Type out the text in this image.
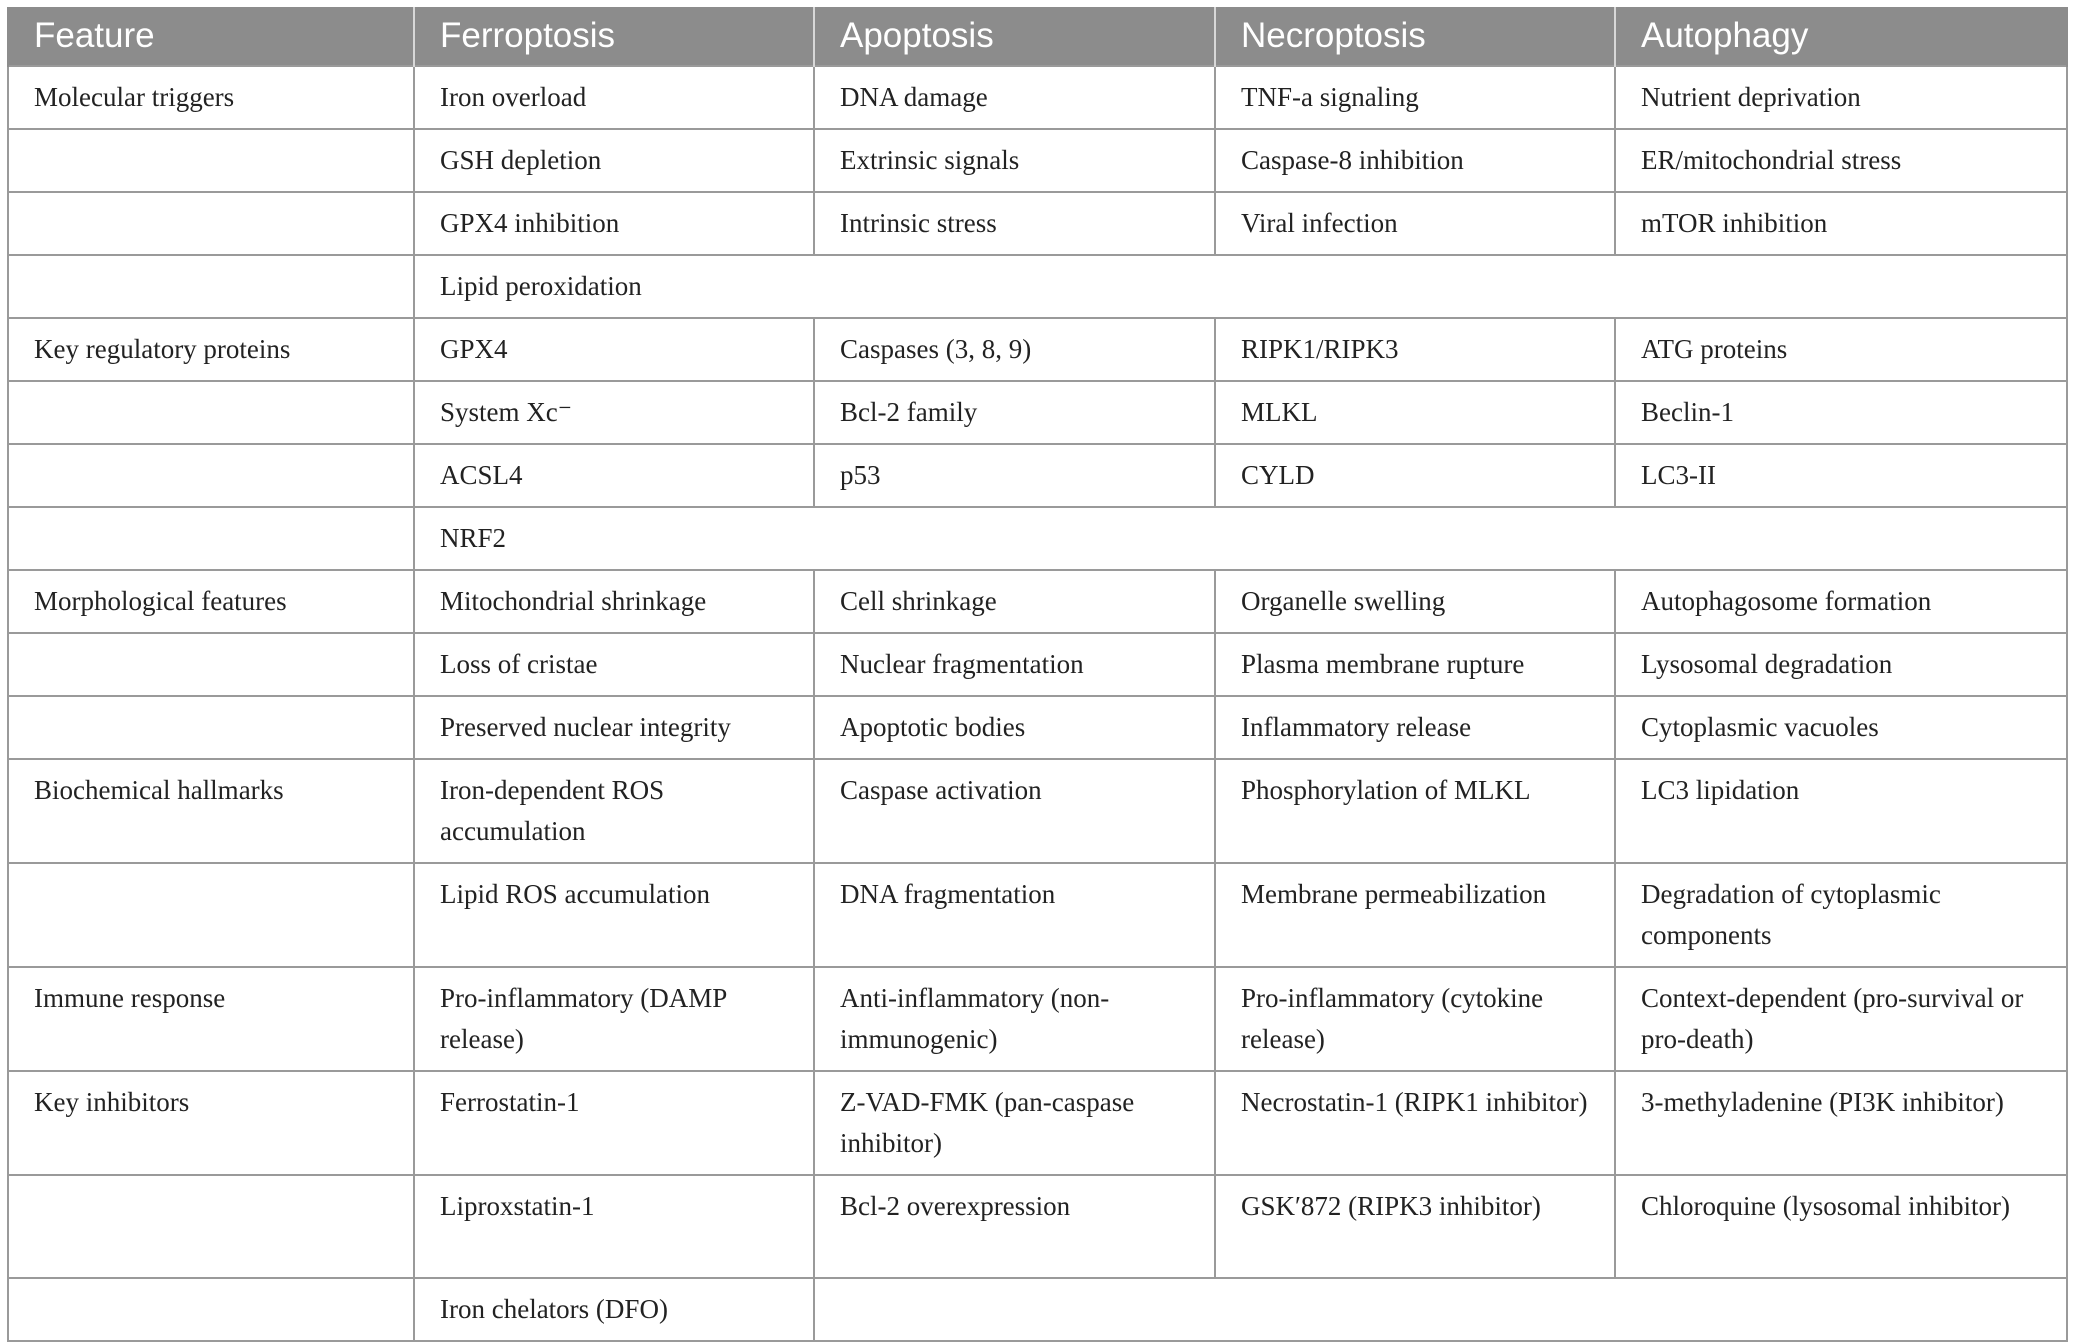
Feature	Ferroptosis	Apoptosis	Necroptosis	Autophagy
Molecular triggers	Iron overload	DNA damage	TNF-a signaling	Nutrient deprivation
	GSH depletion	Extrinsic signals	Caspase-8 inhibition	ER/mitochondrial stress
	GPX4 inhibition	Intrinsic stress	Viral infection	mTOR inhibition
	Lipid peroxidation			
Key regulatory proteins	GPX4	Caspases (3, 8, 9)	RIPK1/RIPK3	ATG proteins
	System Xc⁻	Bcl-2 family	MLKL	Beclin-1
	ACSL4	p53	CYLD	LC3-II
	NRF2			
Morphological features	Mitochondrial shrinkage	Cell shrinkage	Organelle swelling	Autophagosome formation
	Loss of cristae	Nuclear fragmentation	Plasma membrane rupture	Lysosomal degradation
	Preserved nuclear integrity	Apoptotic bodies	Inflammatory release	Cytoplasmic vacuoles
Biochemical hallmarks	Iron-dependent ROS accumulation	Caspase activation	Phosphorylation of MLKL	LC3 lipidation
	Lipid ROS accumulation	DNA fragmentation	Membrane permeabilization	Degradation of cytoplasmic components
Immune response	Pro-inflammatory (DAMP release)	Anti-inflammatory (non-immunogenic)	Pro-inflammatory (cytokine release)	Context-dependent (pro-survival or pro-death)
Key inhibitors	Ferrostatin-1	Z-VAD-FMK (pan-caspase inhibitor)	Necrostatin-1 (RIPK1 inhibitor)	3-methyladenine (PI3K inhibitor)
	Liproxstatin-1	Bcl-2 overexpression	GSK′872 (RIPK3 inhibitor)	Chloroquine (lysosomal inhibitor)
	Iron chelators (DFO)			
